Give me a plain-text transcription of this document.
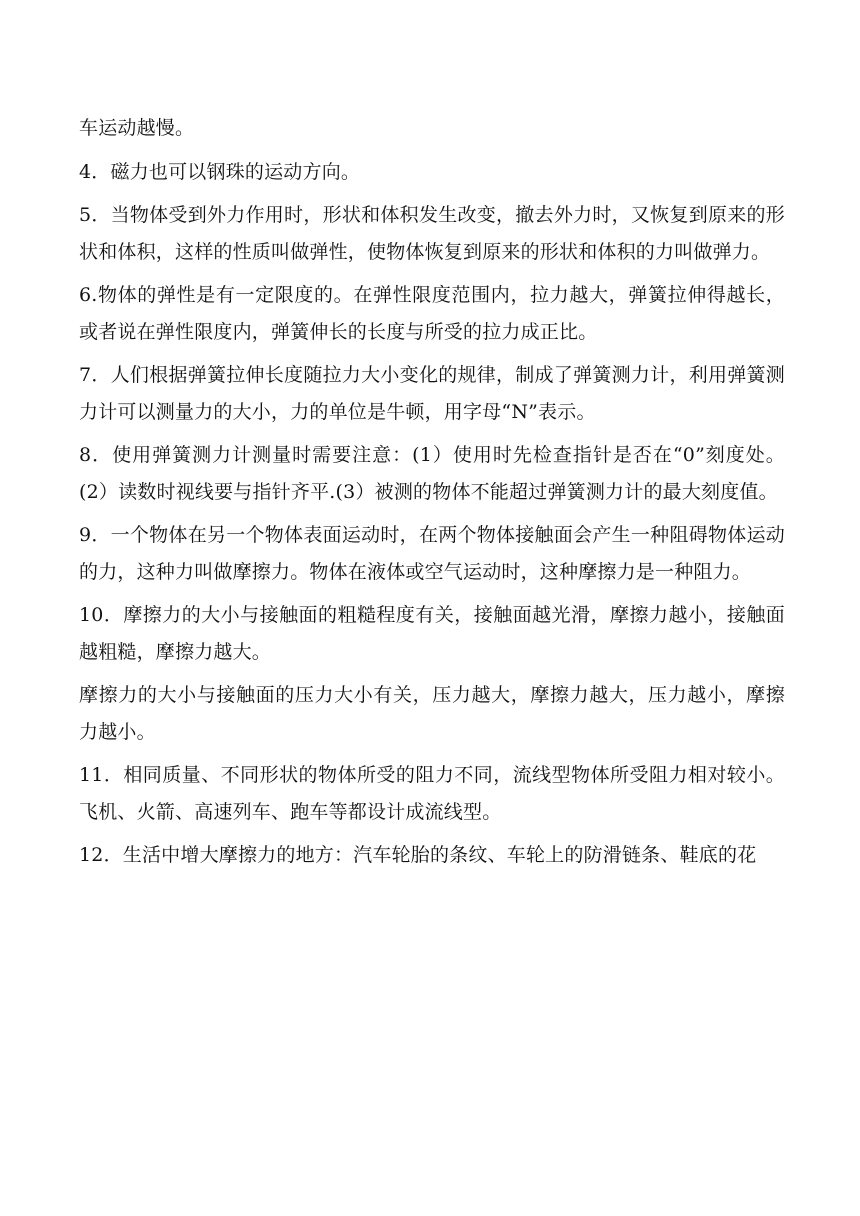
车运动越慢。

4．磁力也可以钢珠的运动方向。

5．当物体受到外力作用时，形状和体积发生改变，撤去外力时，又恢复到原来的形状和体积，这样的性质叫做弹性，使物体恢复到原来的形状和体积的力叫做弹力。

6.物体的弹性是有一定限度的。在弹性限度范围内，拉力越大，弹簧拉伸得越长，或者说在弹性限度内，弹簧伸长的长度与所受的拉力成正比。

7．人们根据弹簧拉伸长度随拉力大小变化的规律，制成了弹簧测力计，利用弹簧测力计可以测量力的大小，力的单位是牛顿，用字母“N”表示。

8．使用弹簧测力计测量时需要注意：(1）使用时先检查指针是否在“0”刻度处。(2）读数时视线要与指针齐平.(3）被测的物体不能超过弹簧测力计的最大刻度值。

9．一个物体在另一个物体表面运动时，在两个物体接触面会产生一种阻碍物体运动的力，这种力叫做摩擦力。物体在液体或空气运动时，这种摩擦力是一种阻力。

10．摩擦力的大小与接触面的粗糙程度有关，接触面越光滑，摩擦力越小，接触面越粗糙，摩擦力越大。

摩擦力的大小与接触面的压力大小有关，压力越大，摩擦力越大，压力越小，摩擦力越小。

11．相同质量、不同形状的物体所受的阻力不同，流线型物体所受阻力相对较小。飞机、火箭、高速列车、跑车等都设计成流线型。

12．生活中增大摩擦力的地方：汽车轮胎的条纹、车轮上的防滑链条、鞋底的花
